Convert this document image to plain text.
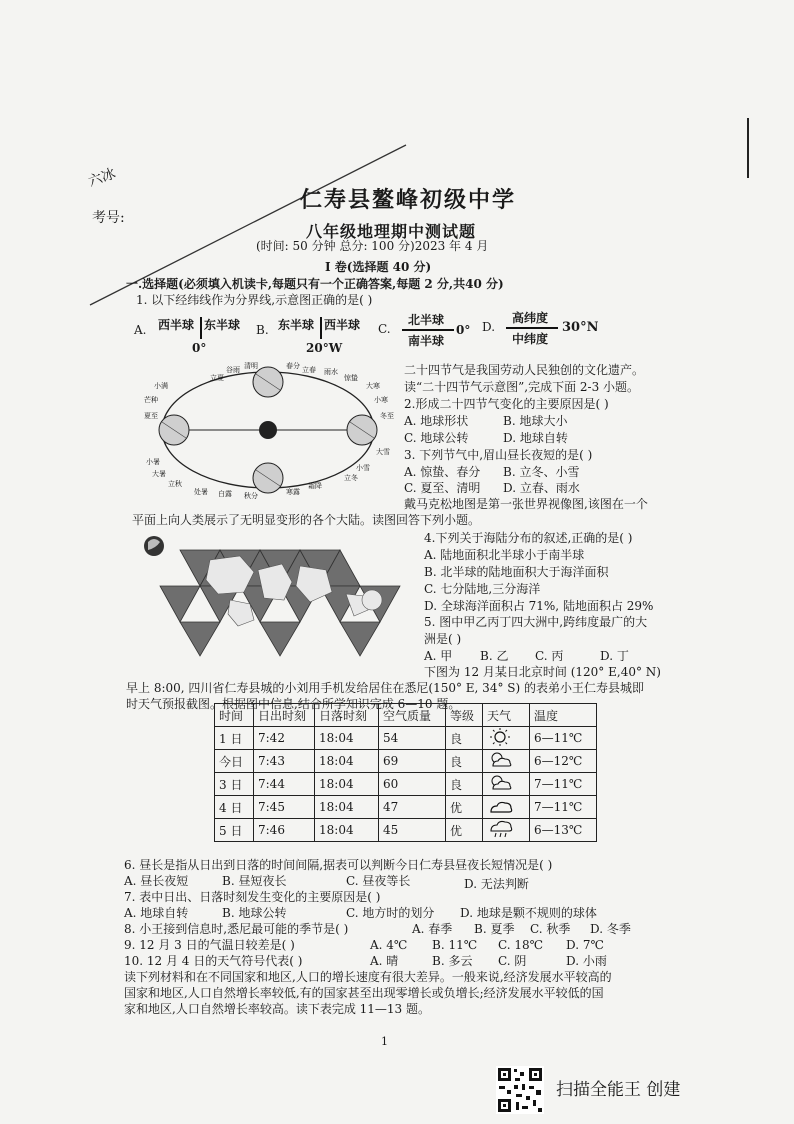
六冰
考号:
仁寿县鳌峰初级中学
八年级地理期中测试题
(时间: 50 分钟 总分: 100 分)2023 年 4 月
I 卷(选择题 40 分)
一.选择题(必须填入机读卡,每题只有一个正确答案,每题 2 分,共40 分)
1. 以下经纬线作为分界线,示意图正确的是( )
A. 西半球 东半球
0°
B. 东半球 西半球
20°W
C.
北半球
南半球
0° D.
高纬度
中纬度
30°N
立夏
谷雨 清明
小满
芒种
夏至
小暑
大暑
立秋
处暑 白露 秋分	寒露
霜降
立冬
小雪
大雪
冬至
小寒
大寒
立春 雨水
惊蛰
春分	二十四节气是我国劳动人民独创的文化遗产。
读“二十四节气示意图”,完成下面 2-3 小题。
2.形成二十四节气变化的主要原因是( )
A. 地球形状	B. 地球大小
C. 地球公转	D. 地球自转
3. 下列节气中,眉山昼长夜短的是( )
A. 惊蛰、春分 B. 立冬、小雪
C. 夏至、清明 D. 立春、雨水
戴马克松地图是第一张世界视像图,该图在一个
平面上向人类展示了无明显变形的各个大陆。读图回答下列小题。
4.下列关于海陆分布的叙述,正确的是( )
A. 陆地面积北半球小于南半球
B. 北半球的陆地面积大于海洋面积
C. 七分陆地,三分海洋
D. 全球海洋面积占 71%, 陆地面积占 29%
5. 图中甲乙丙丁四大洲中,跨纬度最广的大
洲是( )
A. 甲 B. 乙 C. 丙	D. 丁
下图为 12 月某日北京时间 (120° E,40° N)
早上 8:00, 四川省仁寿县城的小刘用手机发给居住在悉尼(150° E, 34° S) 的表弟小王仁寿县城即
时天气预报截图。根据图中信息,结合所学知识完成 6—10 题。
时间	日出时刻	日落时刻	空气质量	等级	天气	温度
1 日	7:42	18:04	54	良		6—11℃
今日	7:43	18:04	69	良		6—12℃
3 日	7:44	18:04	60	良		7—11℃
4 日	7:45	18:04	47	优		7—11℃
5 日	7:46	18:04	45	优		6—13℃
6. 昼长是指从日出到日落的时间间隔,据表可以判断今日仁寿县昼夜长短情况是( )
A. 昼长夜短	B. 昼短夜长	C. 昼夜等长	D. 无法判断
7. 表中日出、日落时刻发生变化的主要原因是( )
A. 地球自转	B. 地球公转	C. 地方时的划分 D. 地球是颗不规则的球体
8. 小王接到信息时,悉尼最可能的季节是( )	A. 春季 B. 夏季 C. 秋季 D. 冬季
9. 12 月 3 日的气温日较差是( )	A. 4℃ B. 11℃ C. 18℃ D. 7℃
10. 12 月 4 日的天气符号代表( )	A. 晴	B. 多云 C. 阴	D. 小雨
读下列材料和在不同国家和地区,人口的增长速度有很大差异。一般来说,经济发展水平较高的
国家和地区,人口自然增长率较低,有的国家甚至出现零增长或负增长;经济发展水平较低的国
家和地区,人口自然增长率较高。读下表完成 11—13 题。
1
扫描全能王 创建
